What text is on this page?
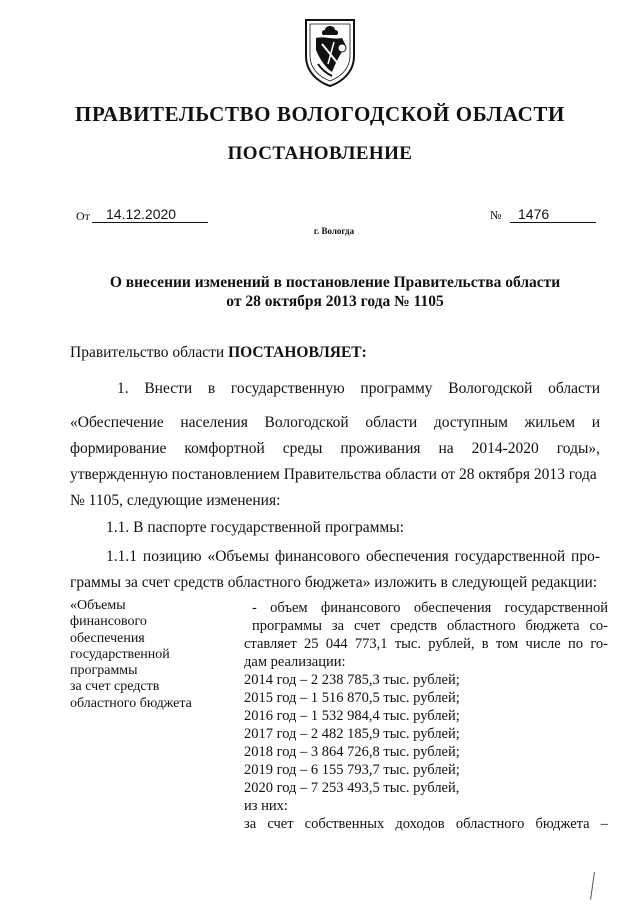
ПРАВИТЕЛЬСТВО ВОЛОГОДСКОЙ ОБЛАСТИ
ПОСТАНОВЛЕНИЕ
От	14.12.2020	№	1476
г. Вологда
О внесении изменений в постановление Правительства области
от 28 октября 2013 года № 1105
Правительство области ПОСТАНОВЛЯЕТ:
1. Внести в государственную программу Вологодской области
«Обеспечение населения Вологодской области доступным жильем и
формирование комфортной среды проживания на 2014-2020 годы»,
утвержденную постановлением Правительства области от 28 октября 2013 года
№ 1105, следующие изменения:
1.1. В паспорте государственной программы:
1.1.1 позицию «Объемы финансового обеспечения государственной про-
граммы за счет средств областного бюджета» изложить в следующей редакции:
«Объемы
финансового
обеспечения
государственной
программы
за счет средств
областного бюджета
- объем финансового обеспечения государственной
программы за счет средств областного бюджета со-
ставляет 25 044 773,1 тыс. рублей, в том числе по го-
дам реализации:
2014 год – 2 238 785,3 тыс. рублей;
2015 год – 1 516 870,5 тыс. рублей;
2016 год – 1 532 984,4 тыс. рублей;
2017 год – 2 482 185,9 тыс. рублей;
2018 год – 3 864 726,8 тыс. рублей;
2019 год – 6 155 793,7 тыс. рублей;
2020 год – 7 253 493,5 тыс. рублей,
из них:
за счет собственных доходов областного бюджета –
